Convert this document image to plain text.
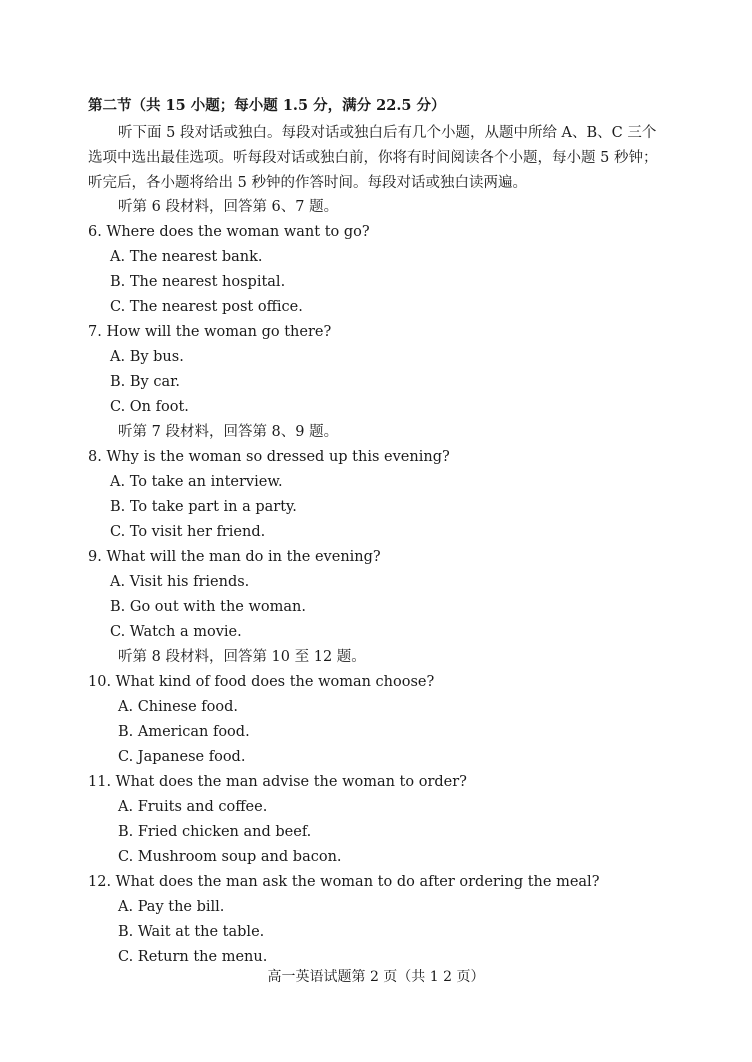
第二节（共 15 小题；每小题 1.5 分，满分 22.5 分）
听下面 5 段对话或独白。每段对话或独白后有几个小题，从题中所给 A、B、C 三个选项中选出最佳选项。听每段对话或独白前，你将有时间阅读各个小题，每小题 5 秒钟；听完后，各小题将给出 5 秒钟的作答时间。每段对话或独白读两遍。
听第 6 段材料，回答第 6、7 题。
6. Where does the woman want to go?
A. The nearest bank.
B. The nearest hospital.
C. The nearest post office.
7. How will the woman go there?
A. By bus.
B. By car.
C. On foot.
听第 7 段材料，回答第 8、9 题。
8. Why is the woman so dressed up this evening?
A. To take an interview.
B. To take part in a party.
C. To visit her friend.
9. What will the man do in the evening?
A. Visit his friends.
B. Go out with the woman.
C. Watch a movie.
听第 8 段材料，回答第 10 至 12 题。
10. What kind of food does the woman choose?
A. Chinese food.
B. American food.
C. Japanese food.
11. What does the man advise the woman to order?
A. Fruits and coffee.
B. Fried chicken and beef.
C. Mushroom soup and bacon.
12. What does the man ask the woman to do after ordering the meal?
A. Pay the bill.
B. Wait at the table.
C. Return the menu.
高一英语试题第 2 页（共 1 2 页）
